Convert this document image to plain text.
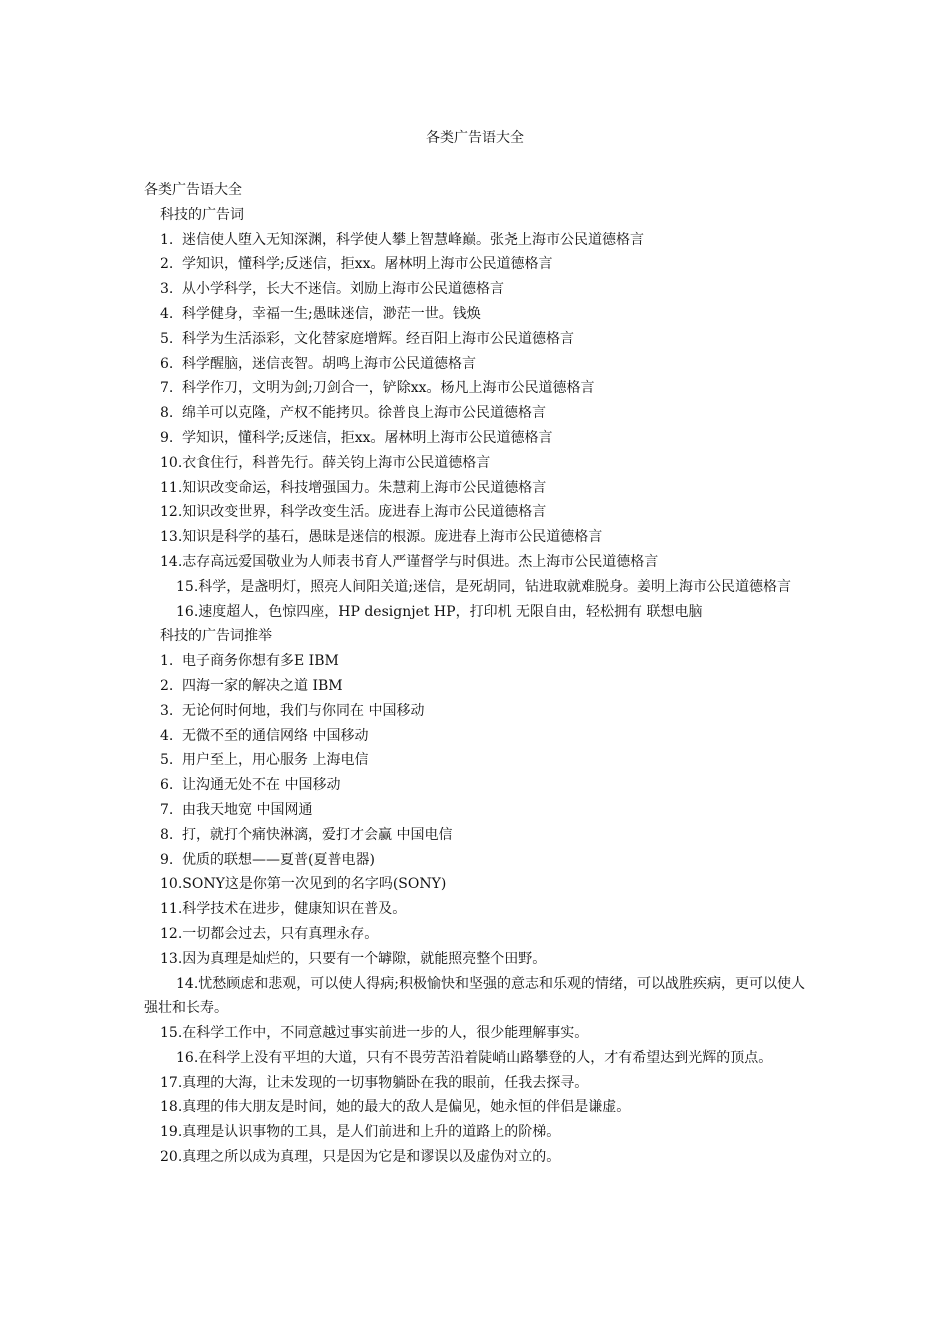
各类广告语大全
各类广告语大全
科技的广告词
1. 迷信使人堕入无知深渊，科学使人攀上智慧峰巅。张尧上海市公民道德格言
2. 学知识，懂科学;反迷信，拒xx。屠林明上海市公民道德格言
3. 从小学科学，长大不迷信。刘励上海市公民道德格言
4. 科学健身，幸福一生;愚昧迷信，渺茫一世。钱焕
5. 科学为生活添彩，文化替家庭增辉。经百阳上海市公民道德格言
6. 科学醒脑，迷信丧智。胡鸣上海市公民道德格言
7. 科学作刀，文明为剑;刀剑合一，铲除xx。杨凡上海市公民道德格言
8. 绵羊可以克隆，产权不能拷贝。徐普良上海市公民道德格言
9. 学知识，懂科学;反迷信，拒xx。屠林明上海市公民道德格言
10.衣食住行，科普先行。薛关钧上海市公民道德格言
11.知识改变命运，科技增强国力。朱慧莉上海市公民道德格言
12.知识改变世界，科学改变生活。庞进春上海市公民道德格言
13.知识是科学的基石，愚昧是迷信的根源。庞进春上海市公民道德格言
14.志存高远爱国敬业为人师表书育人严谨督学与时俱进。杰上海市公民道德格言
15.科学，是盏明灯，照亮人间阳关道;迷信，是死胡同，钻进取就难脱身。姜明上海市公民道德格言
16.速度超人，色惊四座，HP designjet HP，打印机 无限自由，轻松拥有 联想电脑
科技的广告词推举
1. 电子商务你想有多E IBM
2. 四海一家的解决之道 IBM
3. 无论何时何地，我们与你同在 中国移动
4. 无微不至的通信网络 中国移动
5. 用户至上，用心服务 上海电信
6. 让沟通无处不在 中国移动
7. 由我天地宽 中国网通
8. 打，就打个痛快淋漓，爱打才会赢 中国电信
9. 优质的联想——夏普(夏普电器)
10.SONY这是你第一次见到的名字吗(SONY)
11.科学技术在进步，健康知识在普及。
12.一切都会过去，只有真理永存。
13.因为真理是灿烂的，只要有一个罅隙，就能照亮整个田野。
14.忧愁顾虑和悲观，可以使人得病;积极愉快和坚强的意志和乐观的情绪，可以战胜疾病，更可以使人强壮和长寿。
15.在科学工作中，不同意越过事实前进一步的人，很少能理解事实。
16.在科学上没有平坦的大道，只有不畏劳苦沿着陡峭山路攀登的人，才有希望达到光辉的顶点。
17.真理的大海，让未发现的一切事物躺卧在我的眼前，任我去探寻。
18.真理的伟大朋友是时间，她的最大的敌人是偏见，她永恒的伴侣是谦虚。
19.真理是认识事物的工具，是人们前进和上升的道路上的阶梯。
20.真理之所以成为真理，只是因为它是和谬误以及虚伪对立的。
